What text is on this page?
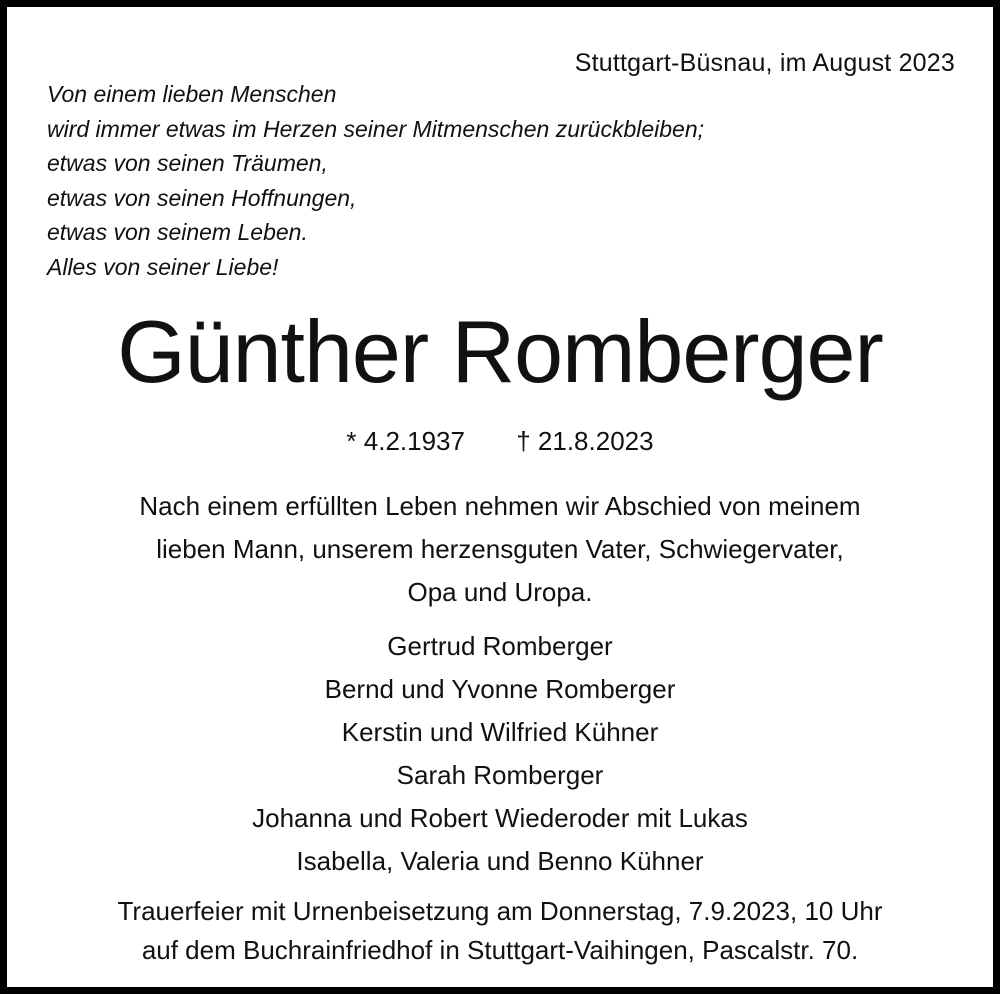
Stuttgart-Büsnau, im August 2023
Von einem lieben Menschen
wird immer etwas im Herzen seiner Mitmenschen zurückbleiben;
etwas von seinen Träumen,
etwas von seinen Hoffnungen,
etwas von seinem Leben.
Alles von seiner Liebe!
Günther Romberger
* 4.2.1937 † 21.8.2023
Nach einem erfüllten Leben nehmen wir Abschied von meinem
lieben Mann, unserem herzensguten Vater, Schwiegervater,
Opa und Uropa.
Gertrud Romberger
Bernd und Yvonne Romberger
Kerstin und Wilfried Kühner
Sarah Romberger
Johanna und Robert Wiederoder mit Lukas
Isabella, Valeria und Benno Kühner
Trauerfeier mit Urnenbeisetzung am Donnerstag, 7.9.2023, 10 Uhr
auf dem Buchrainfriedhof in Stuttgart-Vaihingen, Pascalstr. 70.
